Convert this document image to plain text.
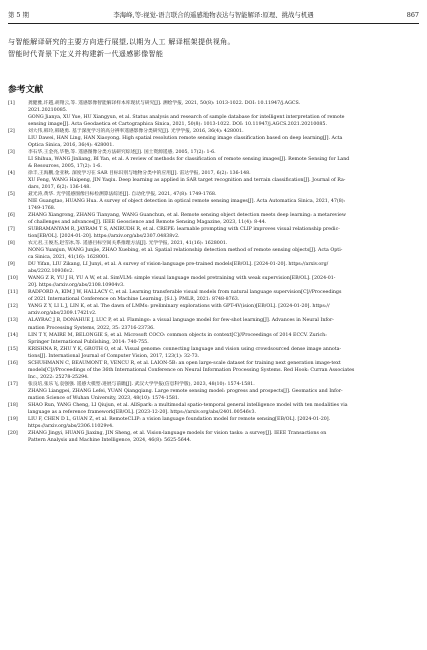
第 5 期	李海峰,等:视觉-语言联合的遥感地物表达与智能解译:原理、挑战与机遇	867

与智能解译研究的主要方向进行展望,以期为人工 解译框架提供视角。

智能时代背景下定义并构建新一代遥感影像智能

参考文献
[1]	龚健雅,许越,胡翔云,等. 遥感影像智能解译样本库现状与研究[J]. 测绘学报, 2021, 50(8): 1013-1022. DOI: 10.11947/j.AGCS.
2021.20210085.
GONG Jianya, XU Yue, HU Xiangyun, et al. Status analysis and research of sample database for intelligent interpretation of remote
sensing image[J]. Acta Geodaetica et Cartographica Sinica, 2021, 50(8): 1013-1022. DOI: 10.11947/j.AGCS.2021.20210085.
[2]	刘大伟,韩玲,韩晓勇. 基于深度学习的高分辨率遥感影像分类研究[J]. 光学学报, 2016, 36(4): 428001.
LIU Dawei, HAN Ling, HAN Xiaoyong. High spatial resolution remote sensing image classification based on deep learning[J]. Acta
Optica Sinica, 2016, 36(4): 428001.
[3]	李石华,王金亮,毕艳,等. 遥感图像分类方法研究综述[J]. 国土资源遥感, 2005, 17(2): 1-6.
LI Shihua, WANG Jinliang, BI Yan, et al. A review of methods for classification of remote sensing images[J]. Remote Sensing for Land
& Resources, 2005, 17(2): 1-6.
[4]	徐丰,王海鹏,金亚秋. 深度学习在 SAR 目标识别与地物分类中的应用[J]. 雷达学报, 2017, 6(2): 136-148.
XU Feng, WANG Haipeng, JIN Yaqiu. Deep learning as applied in SAR target recognition and terrain classification[J]. Journal of Ra-
dars, 2017, 6(2): 136-148.
[5]	聂光涛,黄华. 光学遥感图像目标检测算法综述[J]. 自动化学报, 2021, 47(8): 1749-1768.
NIE Guangtao, HUANG Hua. A survey of object detection in optical remote sensing images[J]. Acta Automatica Sinica, 2021, 47(8):
1749-1768.
[6]	ZHANG Xiangrong, ZHANG Tianyang, WANG Guanchun, et al. Remote sensing object detection meets deep learning: a metareview
of challenges and advances[J]. IEEE Geoscience and Remote Sensing Magazine, 2023, 11(4): 8-44.
[7]	SUBRAMANYAM R, JAYRAM T S, ANIRUDH R, et al. CREPE: learnable prompting with CLIP improves visual relationship predic-
tion[EB/OL]. [2024-01-20]. https://arxiv.org/abs/2307.04838v2.
[8]	农元君,王俊杰,赵雪冰,等. 遥感目标空间关系推理方法[J]. 光学学报, 2021, 41(16): 1628001.
NONG Yuanjun, WANG Junjie, ZHAO Xuebing, et al. Spatial relationship detection method of remote sensing objects[J]. Acta Opti-
ca Sinica, 2021, 41(16): 1628001.
[9]	DU Yifan, LIU Zikang, LI Junyi, et al. A survey of vision-language pre-trained models[EB/OL]. [2024-01-20]. https://arxiv.org/
abs/2202.10936v2.
[10]	WANG Z R, YU J H, YU A W, et al. SimVLM: simple visual language model pretraining with weak supervision[EB/OL]. [2024-01-
20]. https://arxiv.org/abs/2108.10904v3.
[11]	RADFORD A, KIM J W, HALLACY C, et al. Learning transferable visual models from natural language supervision[C]//Proceedings
of 2021 International Conference on Machine Learning. [S.l.]: PMLR, 2021: 8748-8763.
[12]	YANG Z Y, LI L J, LIN K, et al. The dawn of LMMs: preliminary explorations with GPT-4V(ision)[EB/OL]. [2024-01-20]. https://
arxiv.org/abs/2309.17421v2.
[13]	ALAYRAC J B, DONAHUE J, LUC P, et al. Flamingo: a visual language model for few-shot learning[J]. Advances in Neural Infor-
mation Processing Systems, 2022, 35: 23716-23736.
[14]	LIN T Y, MAIRE M, BELONGIE S, et al. Microsoft COCO: common objects in context[C]//Proceedings of 2014 ECCV. Zurich:
Springer International Publishing, 2014: 740-755.
[15]	KRISHNA R, ZHU Y K, GROTH O, et al. Visual genome: connecting language and vision using crowdsourced dense image annota-
tions[J]. International Journal of Computer Vision, 2017, 123(1): 32-73.
[16]	SCHUHMANN C, BEAUMONT R, VENCU R, et al. LAION-5B: an open large-scale dataset for training next generation image-text
models[C]//Proceedings of the 36th International Conference on Neural Information Processing Systems. Red Hook: Curran Associates
Inc., 2022: 25278-25294.
[17]	张良培,张乐飞,袁强强. 遥感大模型:进展与前瞻[J]. 武汉大学学报(信息科学版), 2023, 48(10): 1574-1581.
ZHANG Liangpei, ZHANG Lefei, YUAN Qiangqiang. Large remote sensing model: progress and prospects[J]. Geomatics and Infor-
mation Science of Wuhan University, 2023, 48(10): 1574-1581.
[18]	SHAO Run, YANG Cheng, LI Qiujun, et al. AllSpark: a multimodal spatio-temporal general intelligence model with ten modalities via
language as a reference framework[EB/OL]. [2023-12-20]. https://arxiv.org/abs/2401.00546v3.
[19]	LIU F, CHEN D L, GUAN Z, et al. RemoteCLIP: a vision language foundation model for remote sensing[EB/OL]. [2024-01-20].
https://arxiv.org/abs/2306.11029v4.
[20]	ZHANG Jingyi, HUANG Jiaxing, JIN Sheng, et al. Vision-language models for vision tasks: a survey[J]. IEEE Transactions on
Pattern Analysis and Machine Intelligence, 2024, 46(8): 5625-5644.
